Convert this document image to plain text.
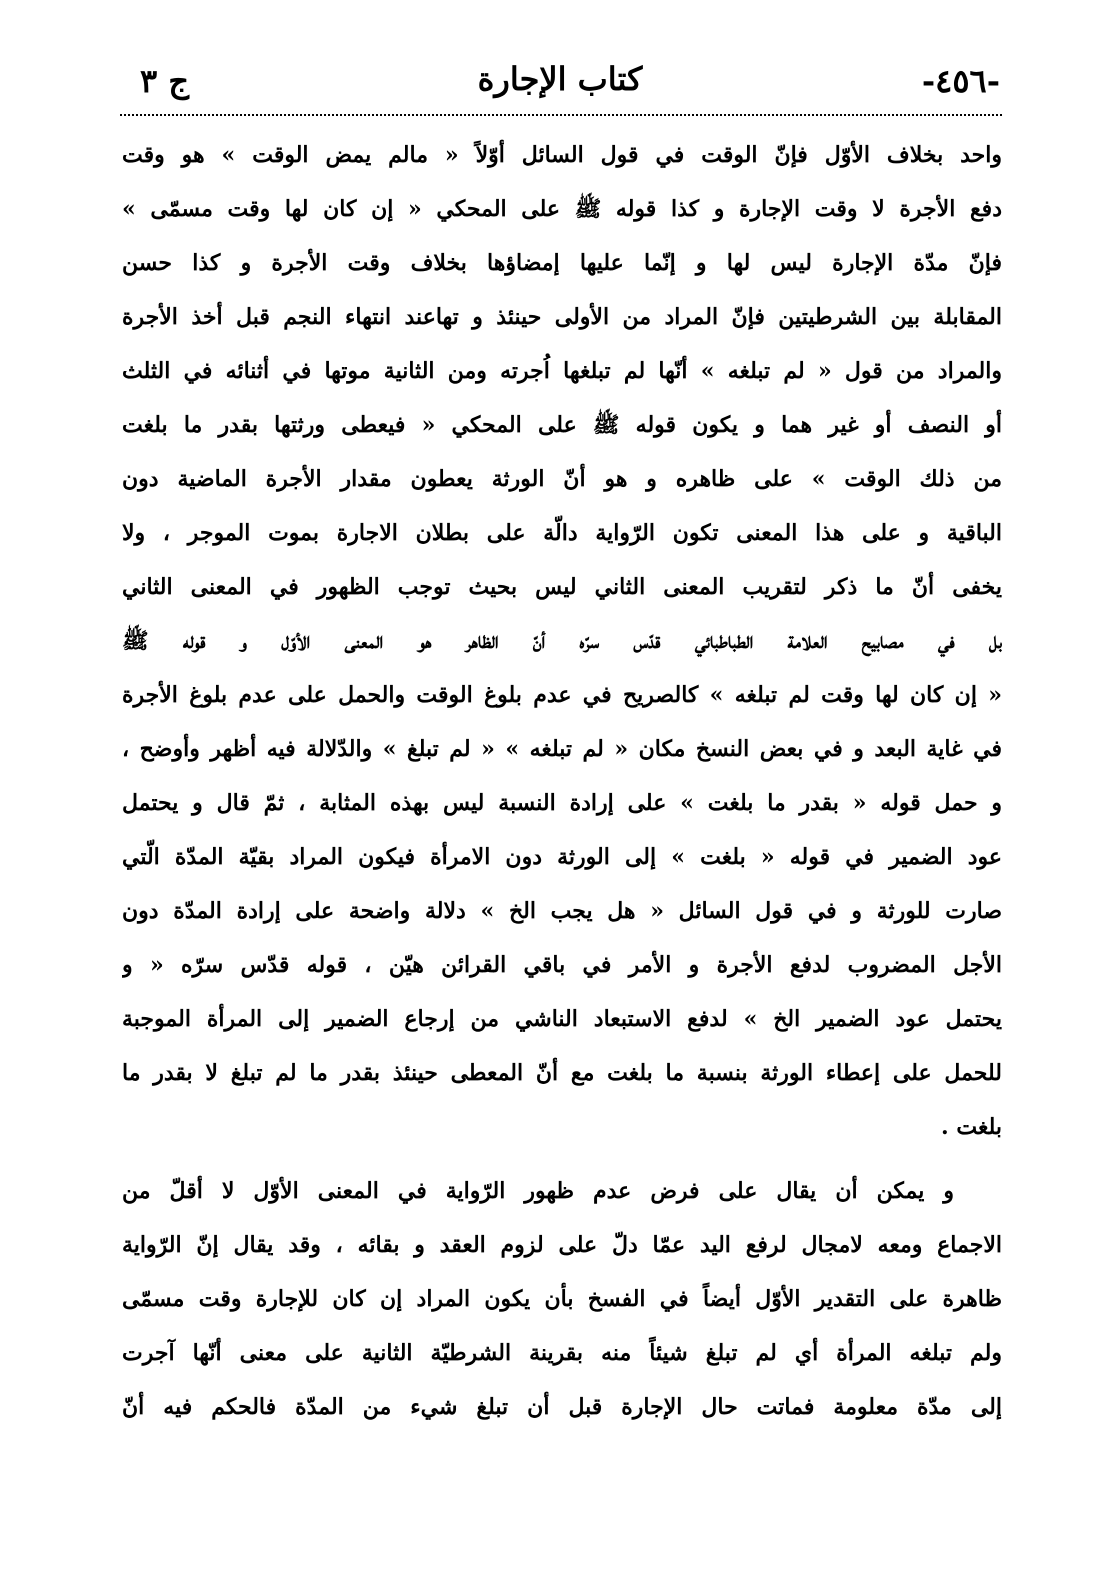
-٤٥٦-
كتاب الإجارة
ج ٣
واحد بخلاف الأوّل فإنّ الوقت في قول السائل أوّلاً « مالم يمض الوقت » هو وقت
دفع الأجرة لا وقت الإجارة و كذا قوله ﷺ على المحكي « إن كان لها وقت مسمّى »
فإنّ مدّة الإجارة ليس لها و إنّما عليها إمضاؤها بخلاف وقت الأجرة و كذا حسن
المقابلة بين الشرطيتين فإنّ المراد من الأولى حينئذ و تهاعند انتهاء النجم قبل أخذ الأجرة
والمراد من قول « لم تبلغه » أنّها لم تبلغها اُجرته ومن الثانية موتها في أثنائه في الثلث
أو النصف أو غير هما و يكون قوله ﷺ على المحكي « فيعطى ورثتها بقدر ما بلغت
من ذلك الوقت » على ظاهره و هو أنّ الورثة يعطون مقدار الأجرة الماضية دون
الباقية و على هذا المعنى تكون الرّواية دالّة على بطلان الاجارة بموت الموجر ، ولا
يخفى أنّ ما ذكر لتقريب المعنى الثاني ليس بحيث توجب الظهور في المعنى الثاني
بل في مصابيح العلامة الطباطبائي قدّس سرّه أنّ الظاهر هو المعنى الأوّل و قوله ﷺ
« إن كان لها وقت لم تبلغه » كالصريح في عدم بلوغ الوقت والحمل على عدم بلوغ الأجرة
في غاية البعد و في بعض النسخ مكان « لم تبلغه » « لم تبلغ » والدّلالة فيه أظهر وأوضح ،
و حمل قوله « بقدر ما بلغت » على إرادة النسبة ليس بهذه المثابة ، ثمّ قال و يحتمل
عود الضمير في قوله « بلغت » إلى الورثة دون الامرأة فيكون المراد بقيّة المدّة الّتي
صارت للورثة و في قول السائل « هل يجب الخ » دلالة واضحة على إرادة المدّة دون
الأجل المضروب لدفع الأجرة و الأمر في باقي القرائن هيّن ، قوله قدّس سرّه « و
يحتمل عود الضمير الخ » لدفع الاستبعاد الناشي من إرجاع الضمير إلى المرأة الموجبة
للحمل على إعطاء الورثة بنسبة ما بلغت مع أنّ المعطى حينئذ بقدر ما لم تبلغ لا بقدر ما
بلغت .
و يمكن أن يقال على فرض عدم ظهور الرّواية في المعنى الأوّل لا أقلّ من
الاجماع ومعه لامجال لرفع اليد عمّا دلّ على لزوم العقد و بقائه ، وقد يقال إنّ الرّواية
ظاهرة على التقدير الأوّل أيضاً في الفسخ بأن يكون المراد إن كان للإجارة وقت مسمّى
ولم تبلغه المرأة أي لم تبلغ شيئاً منه بقرينة الشرطيّة الثانية على معنى أنّها آجرت
إلى مدّة معلومة فماتت حال الإجارة قبل أن تبلغ شيء من المدّة فالحكم فيه أنّ
